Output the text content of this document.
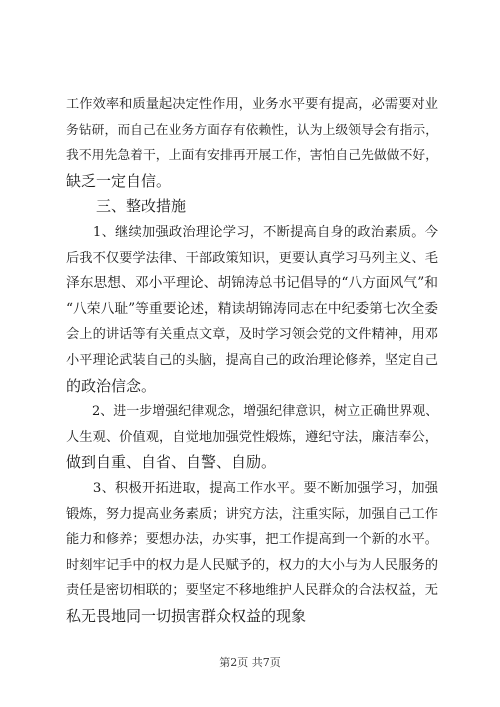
工作效率和质量起决定性作用，业务水平要有提高，必需要对业
务钻研，而自己在业务方面存有依赖性，认为上级领导会有指示，
我不用先急着干，上面有安排再开展工作，害怕自己先做做不好，
缺乏一定自信。
　　三、整改措施
　　1、继续加强政治理论学习，不断提高自身的政治素质。今
后我不仅要学法律、干部政策知识，更要认真学习马列主义、毛
泽东思想、邓小平理论、胡锦涛总书记倡导的“八方面风气”和
“八荣八耻”等重要论述，精读胡锦涛同志在中纪委第七次全委
会上的讲话等有关重点文章，及时学习领会党的文件精神，用邓
小平理论武装自己的头脑，提高自己的政治理论修养，坚定自己
的政治信念。
　　2、进一步增强纪律观念，增强纪律意识，树立正确世界观、
人生观、价值观，自觉地加强党性煅炼，遵纪守法，廉洁奉公，
做到自重、自省、自警、自励。
　　3、积极开拓进取，提高工作水平。要不断加强学习，加强
锻炼，努力提高业务素质；讲究方法，注重实际，加强自己工作
能力和修养；要想办法，办实事，把工作提高到一个新的水平。
时刻牢记手中的权力是人民赋予的，权力的大小与为人民服务的
责任是密切相联的；要坚定不移地维护人民群众的合法权益，无
私无畏地同一切损害群众权益的现象
第2页 共7页
